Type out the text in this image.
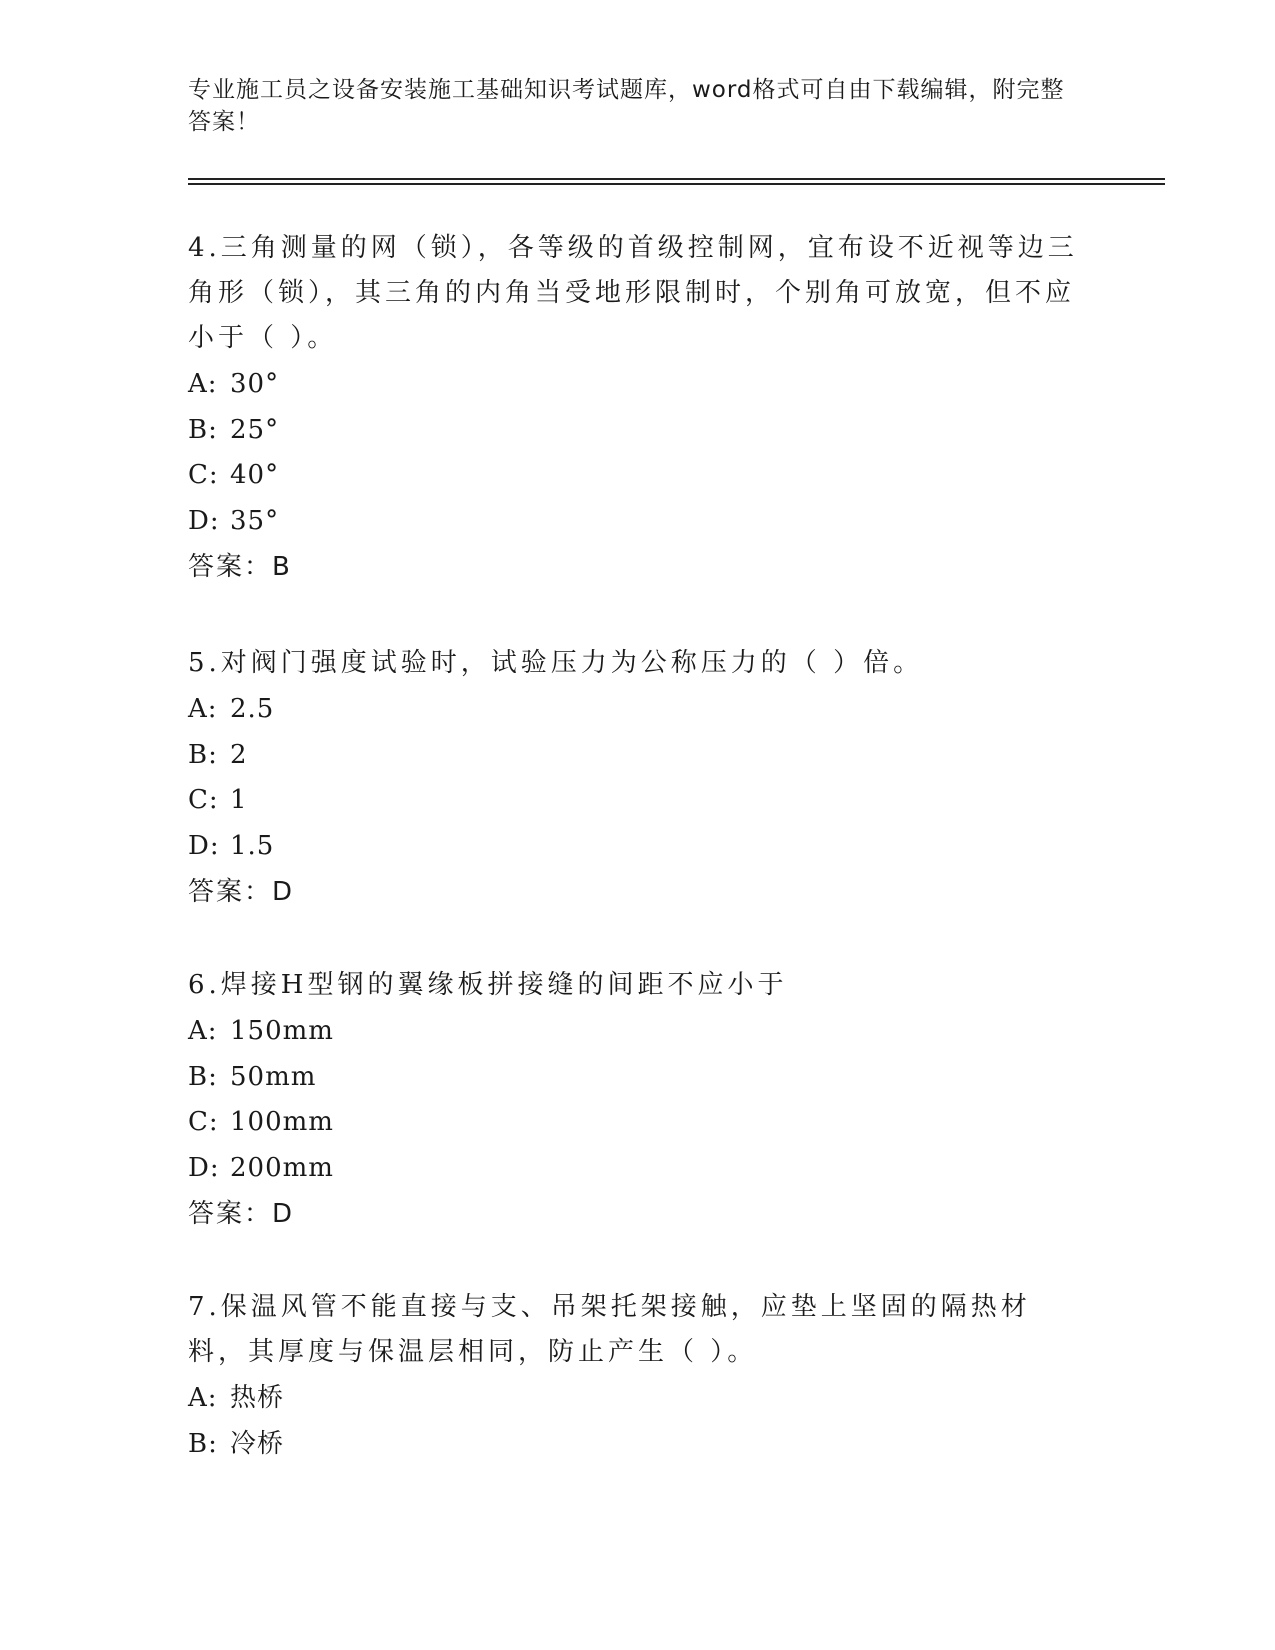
专业施工员之设备安装施工基础知识考试题库，word格式可自由下载编辑，附完整答案！
4.三角测量的网（锁），各等级的首级控制网，宜布设不近视等边三角形（锁），其三角的内角当受地形限制时，个别角可放宽，但不应小于（ ）。
A: 30°
B: 25°
C: 40°
D: 35°
答案：B
5.对阀门强度试验时，试验压力为公称压力的（ ）倍。
A: 2.5
B: 2
C: 1
D: 1.5
答案：D
6.焊接H型钢的翼缘板拼接缝的间距不应小于
A: 150mm
B: 50mm
C: 100mm
D: 200mm
答案：D
7.保温风管不能直接与支、吊架托架接触，应垫上坚固的隔热材料，其厚度与保温层相同，防止产生（ ）。
A: 热桥
B: 冷桥
